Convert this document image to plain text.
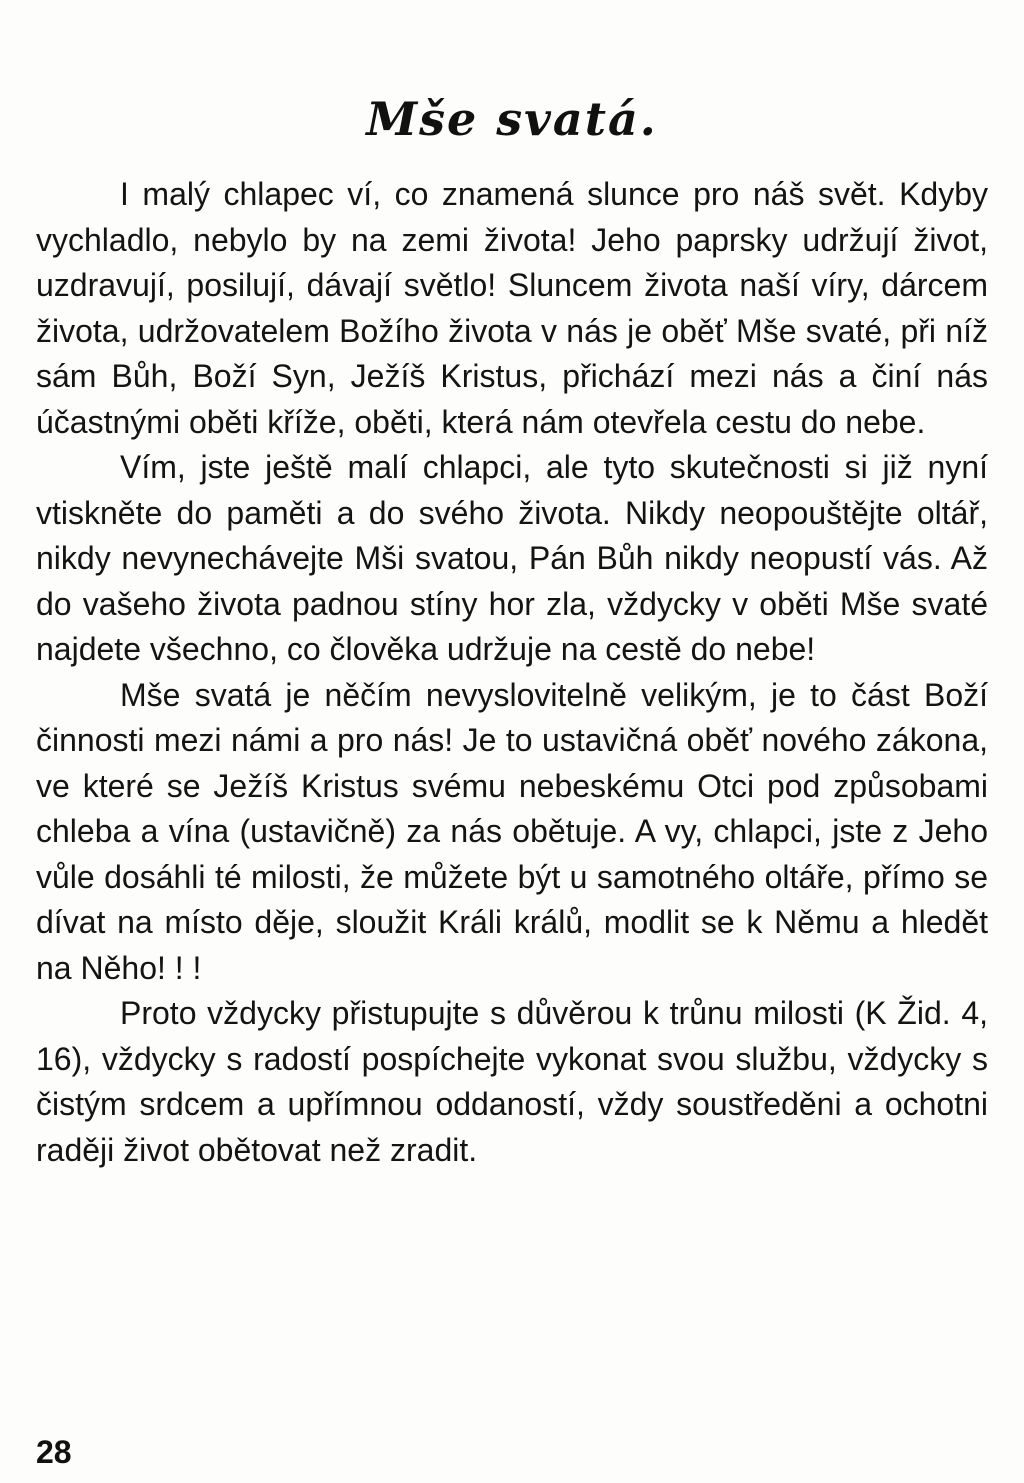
Mše svatá.

I malý chlapec ví, co znamená slunce pro náš svět. Kdyby vychladlo, nebylo by na zemi života! Jeho paprsky udržují život, uzdravují, posilují, dávají světlo! Sluncem života naší víry, dárcem života, udržovatelem Božího života v nás je oběť Mše svaté, při níž sám Bůh, Boží Syn, Ježíš Kristus, přichází mezi nás a činí nás účastnými oběti kříže, oběti, která nám otevřela cestu do nebe.

Vím, jste ještě malí chlapci, ale tyto skutečnosti si již nyní vtiskněte do paměti a do svého života. Nikdy neopouštějte oltář, nikdy nevynechávejte Mši svatou, Pán Bůh nikdy neopustí vás. Až do vašeho života padnou stíny hor zla, vždycky v oběti Mše svaté najdete všechno, co člověka udržuje na cestě do nebe!

Mše svatá je něčím nevyslovitelně velikým, je to část Boží činnosti mezi námi a pro nás! Je to ustavičná oběť nového zákona, ve které se Ježíš Kristus svému nebeskému Otci pod způsobami chleba a vína (ustavičně) za nás obětuje. A vy, chlapci, jste z Jeho vůle dosáhli té milosti, že můžete být u samotného oltáře, přímo se dívat na místo děje, sloužit Králi králů, modlit se k Němu a hledět na Něho! ! !

Proto vždycky přistupujte s důvěrou k trůnu milosti (K Žid. 4, 16), vždycky s radostí pospíchejte vykonat svou službu, vždycky s čistým srdcem a upřímnou oddaností, vždy soustředěni a ochotni raději život obětovat než zradit.

28
